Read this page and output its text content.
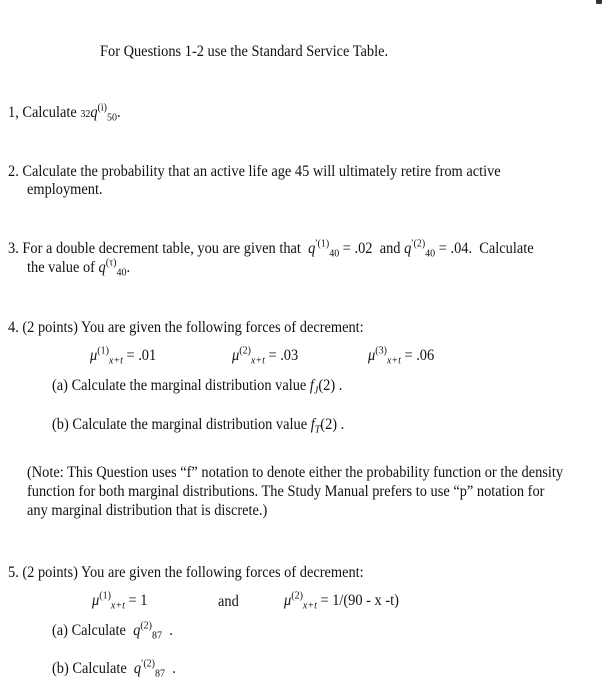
For Questions 1-2 use the Standard Service Table.
1, Calculate $32q^{(i)}_{50}$.
2. Calculate the probability that an active life age 45 will ultimately retire from active
employment.
3. For a double decrement table, you are given that $q^{'(1)}_{40} = .02$ and $q^{'(2)}_{40} = .04$. Calculate
the value of $q^{(\tau)}_{40}$.
4. (2 points) You are given the following forces of decrement:
$\mu^{(1)}_{x+t} = .01$	$\mu^{(2)}_{x+t} = .03$	$\mu^{(3)}_{x+t} = .06$
(a) Calculate the marginal distribution value $f_J(2)$ .
(b) Calculate the marginal distribution value $f_T(2)$ .
(Note: This Question uses “f” notation to denote either the probability function or the density
function for both marginal distributions. The Study Manual prefers to use “p” notation for
any marginal distribution that is discrete.)
5. (2 points) You are given the following forces of decrement:
$\mu^{(1)}_{x+t} = 1$	and	$\mu^{(2)}_{x+t} = 1/(90 - x$ -t)
(a) Calculate $q^{(2)}_{87}$ .
(b) Calculate $q^{'(2)}_{87}$ .
